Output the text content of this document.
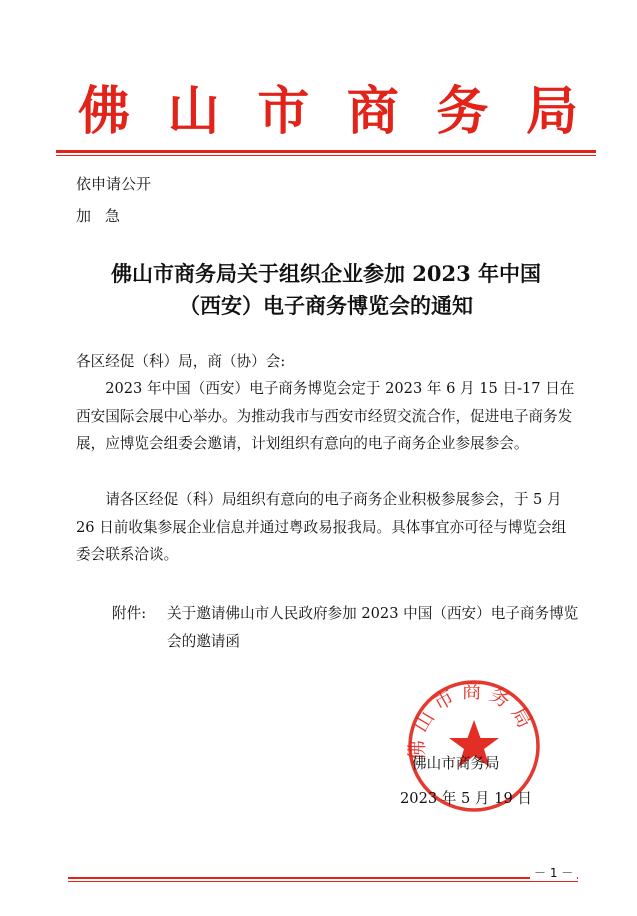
佛 山 市 商 务 局
依申请公开
加急
佛山市商务局关于组织企业参加 2023 年中国
（西安）电子商务博览会的通知
各区经促（科）局，商（协）会:
2023 年中国（西安）电子商务博览会定于 2023 年 6 月 15 日-17 日在西安国际会展中心举办。为推动我市与西安市经贸交流合作，促进电子商务发展，应博览会组委会邀请，计划组织有意向的电子商务企业参展参会。
请各区经促（科）局组织有意向的电子商务企业积极参展参会，于 5 月 26 日前收集参展企业信息并通过粤政易报我局。具体事宜亦可径与博览会组委会联系洽谈。
附件: 关于邀请佛山市人民政府参加 2023 中国（西安）电子商务博览会的邀请函
佛山市商务局
佛山市商务局
2023 年 5 月 19 日
－ 1 －
